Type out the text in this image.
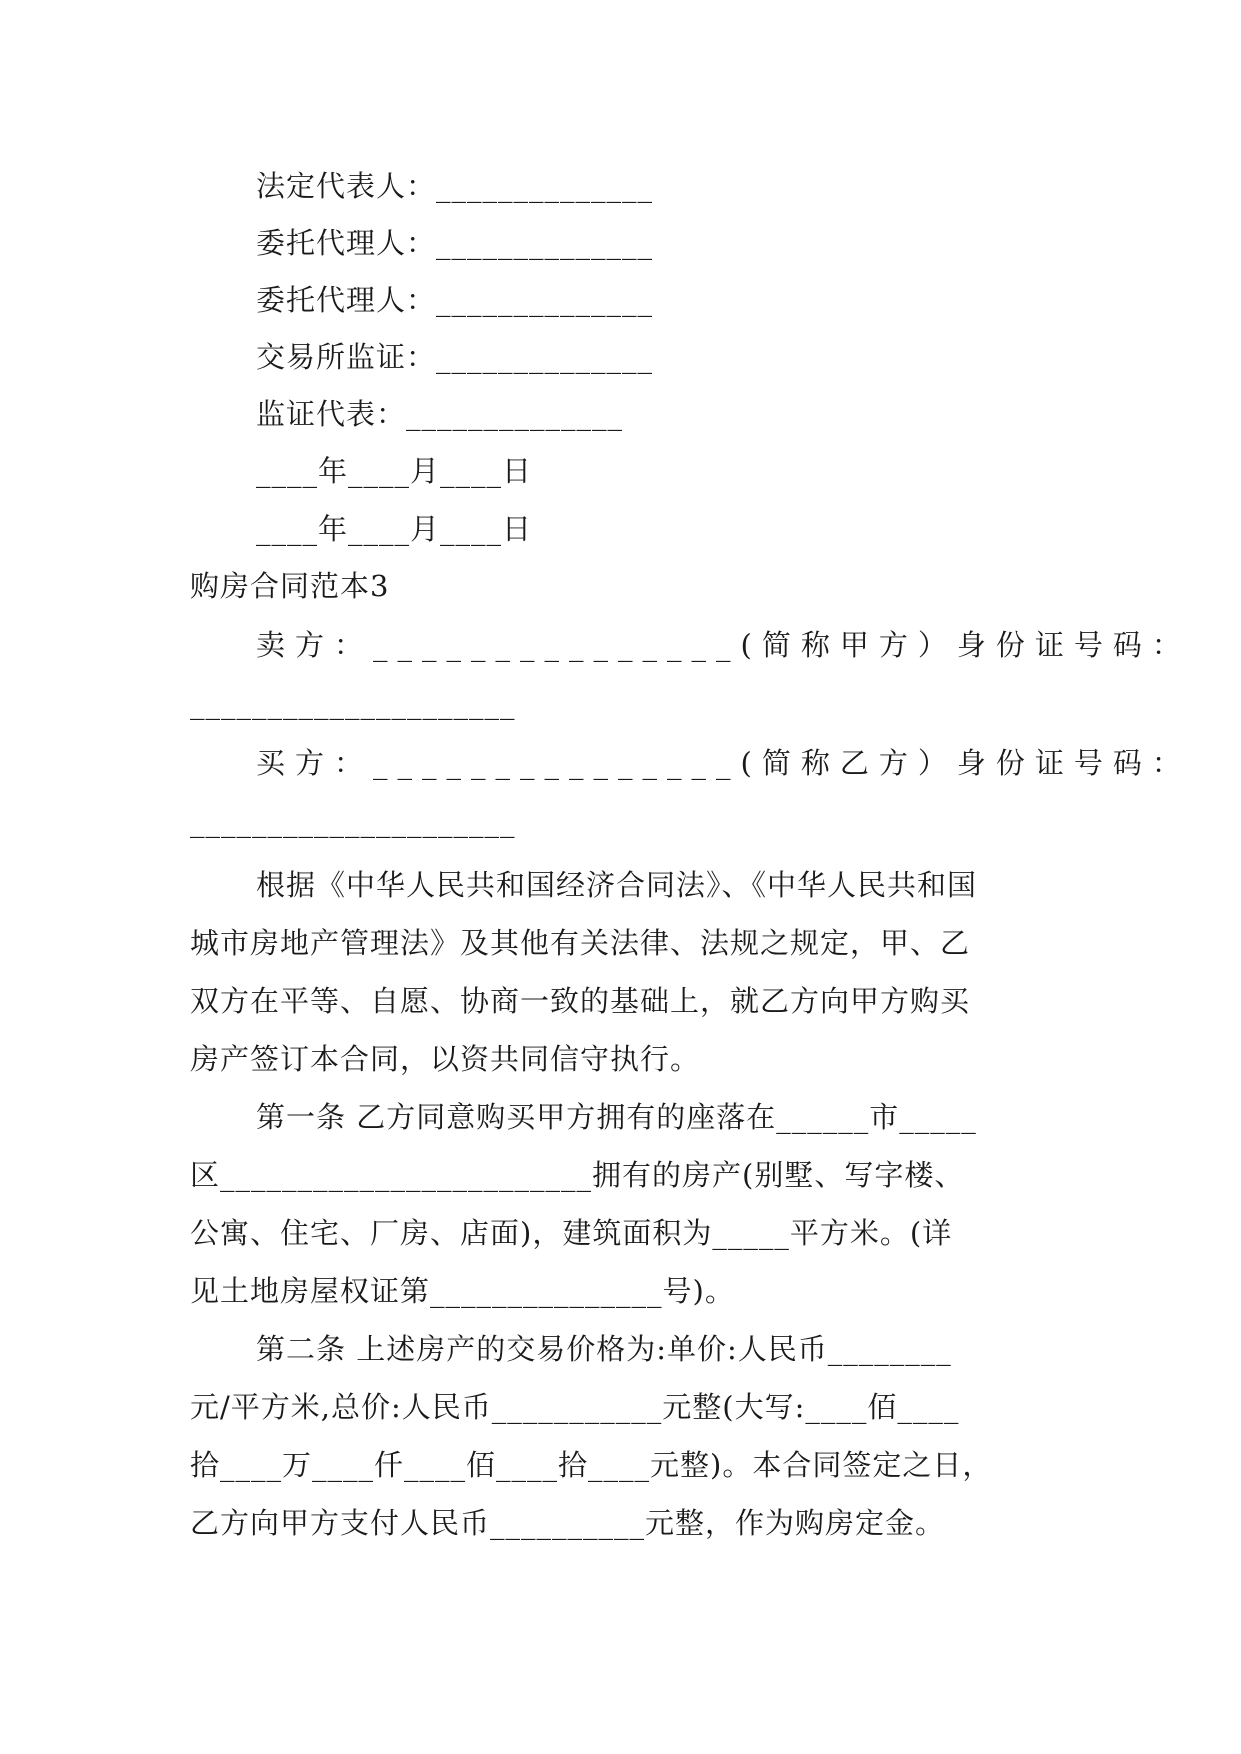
法定代表人：______________
委托代理人：______________
委托代理人：______________
交易所监证：______________
监证代表：______________
____年____月____日
____年____月____日
购房合同范本3
卖方：_______________(简称甲方）身份证号码：
_____________________
买方：_______________(简称乙方）身份证号码：
_____________________
根据《中华人民共和国经济合同法》、《中华人民共和国
城市房地产管理法》及其他有关法律、法规之规定，甲、乙
双方在平等、自愿、协商一致的基础上，就乙方向甲方购买
房产签订本合同，以资共同信守执行。
第一条 乙方同意购买甲方拥有的座落在______市_____
区________________________拥有的房产(别墅、写字楼、
公寓、住宅、厂房、店面)，建筑面积为_____平方米。(详
见土地房屋权证第_______________号)。
第二条 上述房产的交易价格为:单价:人民币________
元/平方米,总价:人民币___________元整(大写:____佰____
拾____万____仟____佰____拾____元整)。本合同签定之日，
乙方向甲方支付人民币__________元整，作为购房定金。
